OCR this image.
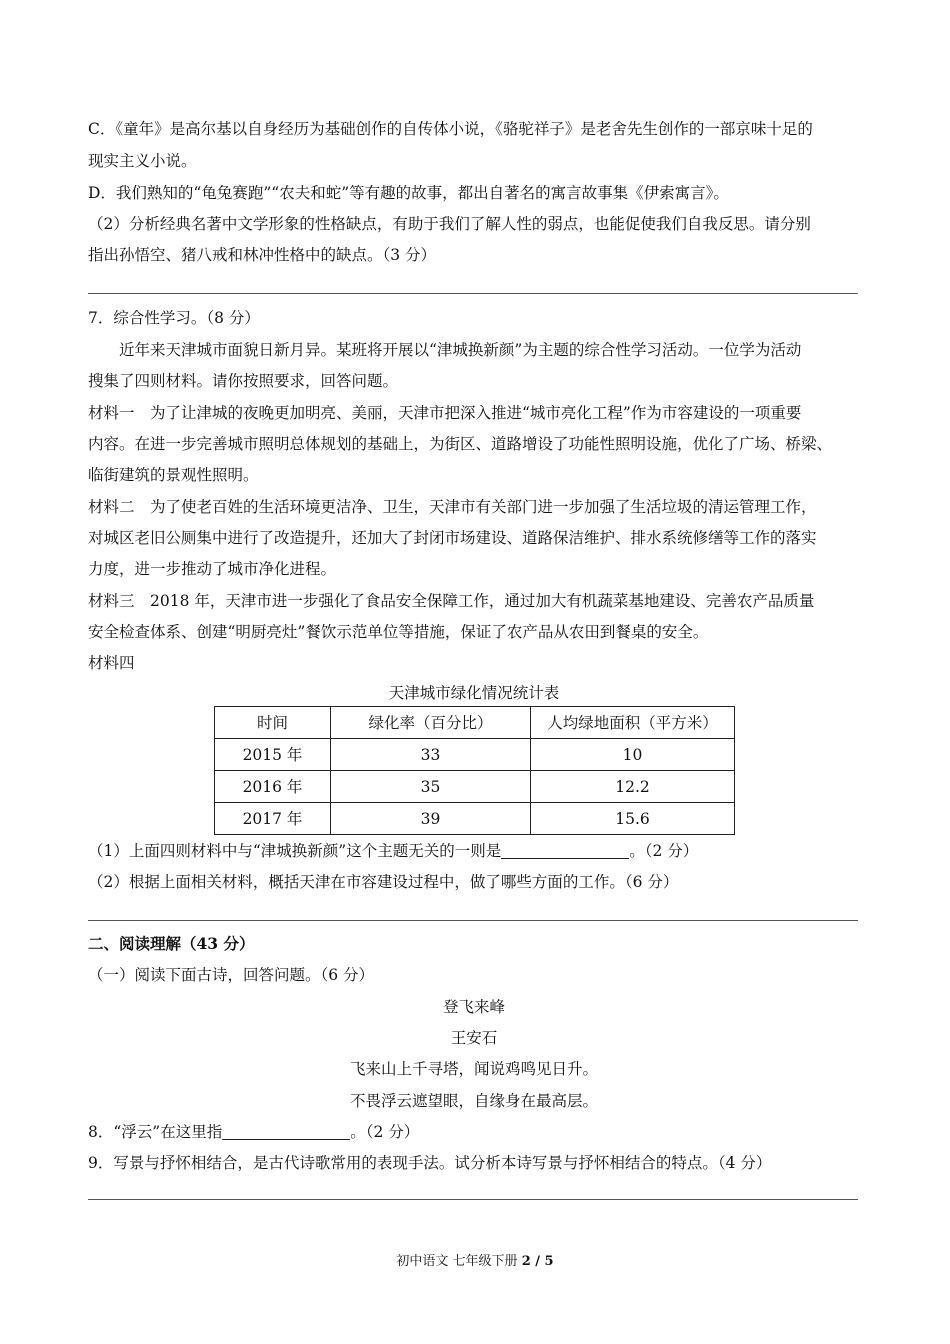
C．《童年》是高尔基以自身经历为基础创作的自传体小说，《骆驼祥子》是老舍先生创作的一部京味十足的
现实主义小说。
D．我们熟知的“龟兔赛跑”“农夫和蛇”等有趣的故事，都出自著名的寓言故事集《伊索寓言》。
（2）分析经典名著中文学形象的性格缺点，有助于我们了解人性的弱点，也能促使我们自我反思。请分别
指出孙悟空、猪八戒和林冲性格中的缺点。（3 分）
7．综合性学习。（8 分）
近年来天津城市面貌日新月异。某班将开展以“津城换新颜”为主题的综合性学习活动。一位学为活动
搜集了四则材料。请你按照要求，回答问题。
材料一　为了让津城的夜晚更加明亮、美丽，天津市把深入推进“城市亮化工程”作为市容建设的一项重要
内容。在进一步完善城市照明总体规划的基础上，为街区、道路增设了功能性照明设施，优化了广场、桥梁、
临街建筑的景观性照明。
材料二　为了使老百姓的生活环境更洁净、卫生，天津市有关部门进一步加强了生活垃圾的清运管理工作，
对城区老旧公厕集中进行了改造提升，还加大了封闭市场建设、道路保洁维护、排水系统修缮等工作的落实
力度，进一步推动了城市净化进程。
材料三　2018 年，天津市进一步强化了食品安全保障工作，通过加大有机蔬菜基地建设、完善农产品质量
安全检查体系、创建“明厨亮灶”餐饮示范单位等措施，保证了农产品从农田到餐桌的安全。
材料四
天津城市绿化情况统计表
时间	绿化率（百分比）	人均绿地面积（平方米）
2015 年	33	10
2016 年	35	12.2
2017 年	39	15.6
（1）上面四则材料中与“津城换新颜”这个主题无关的一则是	。（2 分）
（2）根据上面相关材料，概括天津在市容建设过程中，做了哪些方面的工作。（6 分）
二、阅读理解（43 分）
（一）阅读下面古诗，回答问题。（6 分）
登飞来峰
王安石
飞来山上千寻塔，闻说鸡鸣见日升。
不畏浮云遮望眼，自缘身在最高层。
8．“浮云”在这里指	。（2 分）
9．写景与抒怀相结合，是古代诗歌常用的表现手法。试分析本诗写景与抒怀相结合的特点。（4 分）
初中语文 七年级下册 2 / 5
